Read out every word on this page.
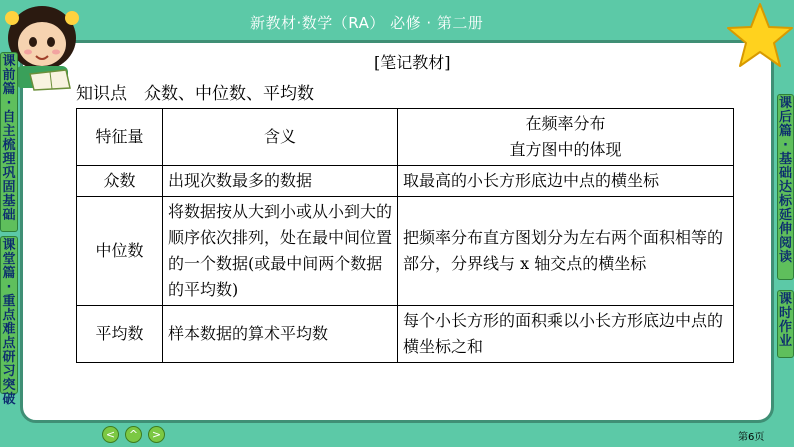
新教材·数学（RA） 必修 · 第二册
课前篇·自主梳理巩固基础
课堂篇·重点难点研习突破
课后篇·基础达标延伸阅读
课时作业
[笔记教材]
知识点　众数、中位数、平均数
特征量	含义	在频率分布
直方图中的体现

众数	出现次数最多的数据	取最高的小长方形底边中点的横坐标
中位数	将数据按从大到小或从小到大的顺序依次排列，处在最中间位置的一个数据(或最中间两个数据的平均数)	把频率分布直方图划分为左右两个面积相等的部分，分界线与 x 轴交点的横坐标
平均数	样本数据的算术平均数	每个小长方形的面积乘以小长方形底边中点的横坐标之和
<	^	>	第6页
